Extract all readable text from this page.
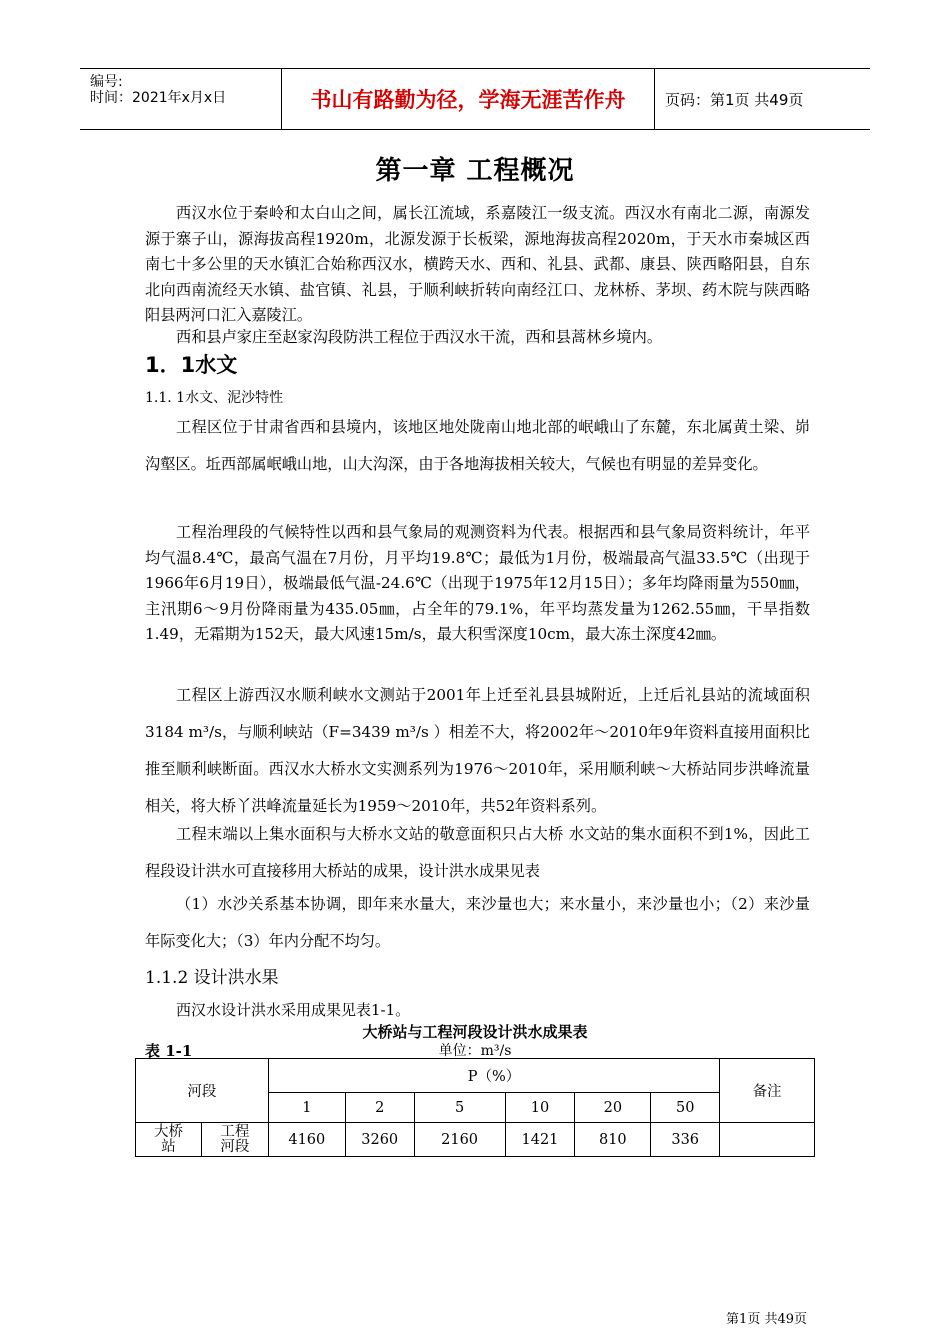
编号:
时间：2021年x月x日	书山有路勤为径，学海无涯苦作舟	页码：第1页 共49页
第一章 工程概况

西汉水位于秦岭和太白山之间，属长江流域，系嘉陵江一级支流。西汉水有南北二源，南源发源于寨子山，源海拔高程1920m，北源发源于长板梁，源地海拔高程2020m，于天水市秦城区西南七十多公里的天水镇汇合始称西汉水，横跨天水、西和、礼县、武都、康县、陕西略阳县，自东北向西南流经天水镇、盐官镇、礼县，于顺利峡折转向南经江口、龙林桥、茅坝、药木院与陕西略阳县两河口汇入嘉陵江。

西和县卢家庄至赵家沟段防洪工程位于西汉水干流，西和县蒿林乡境内。

1．1水文

1.1. 1水文、泥沙特性

工程区位于甘肃省西和县境内，该地区地处陇南山地北部的岷峨山了东麓，东北属黄土梁、峁沟壑区。坵西部属岷峨山地，山大沟深，由于各地海拔相关较大，气候也有明显的差异变化。

工程治理段的气候特性以西和县气象局的观测资料为代表。根据西和县气象局资料统计，年平均气温8.4℃，最高气温在7月份，月平均19.8℃；最低为1月份，极端最高气温33.5℃（出现于1966年6月19日），极端最低气温-24.6℃（出现于1975年12月15日）；多年均降雨量为550㎜，主汛期6～9月份降雨量为435.05㎜，占全年的79.1%，年平均蒸发量为1262.55㎜，干旱指数1.49，无霜期为152天，最大风速15m/s，最大积雪深度10cm，最大冻土深度42㎜。

工程区上游西汉水顺利峡水文测站于2001年上迁至礼县县城附近，上迁后礼县站的流域面积3184 m³/s，与顺利峡站（F=3439 m³/s ）相差不大，将2002年～2010年9年资料直接用面积比推至顺利峡断面。西汉水大桥水文实测系列为1976～2010年，采用顺利峡～大桥站同步洪峰流量相关，将大桥丫洪峰流量延长为1959～2010年，共52年资料系列。

工程末端以上集水面积与大桥水文站的敬意面积只占大桥 水文站的集水面积不到1%，因此工程段设计洪水可直接移用大桥站的成果，设计洪水成果见表

（1）水沙关系基本协调，即年来水量大，来沙量也大；来水量小，来沙量也小；（2）来沙量年际变化大；（3）年内分配不均匀。

1.1.2 设计洪水果

西汉水设计洪水采用成果见表1-1。

大桥站与工程河段设计洪水成果表

表 1-1	单位：m³/s

河段		P（%）						备注
		1	2	5	10	20	50	
大桥站	工程河段	4160	3260	2160	1421	810	336	
第1页 共49页
